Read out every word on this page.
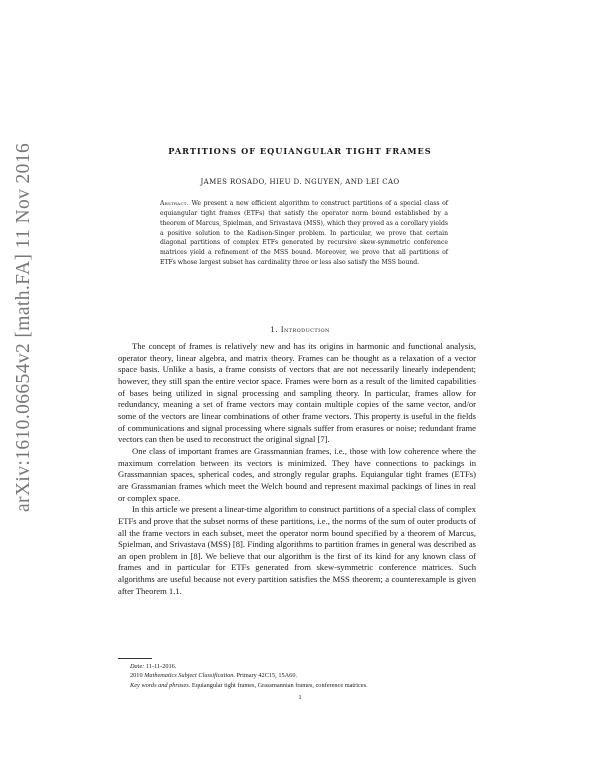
arXiv:1610.06654v2 [math.FA] 11 Nov 2016	PARTITIONS OF EQUIANGULAR TIGHT FRAMES
JAMES ROSADO, HIEU D. NGUYEN, AND LEI CAO
Abstract. We present a new efficient algorithm to construct partitions of a special class of equiangular tight frames (ETFs) that satisfy the operator norm bound established by a theorem of Marcus, Spielman, and Srivastava (MSS), which they proved as a corollary yields a positive solution to the Kadison-Singer problem. In particular, we prove that certain diagonal partitions of complex ETFs generated by recursive skew-symmetric conference matrices yield a refinement of the MSS bound. Moreover, we prove that all partitions of ETFs whose largest subset has cardinality three or less also satisfy the MSS bound.
1. Introduction

The concept of frames is relatively new and has its origins in harmonic and functional analysis, operator theory, linear algebra, and matrix theory. Frames can be thought as a relaxation of a vector space basis. Unlike a basis, a frame consists of vectors that are not necessarily linearly independent; however, they still span the entire vector space. Frames were born as a result of the limited capabilities of bases being utilized in signal processing and sampling theory. In particular, frames allow for redundancy, meaning a set of frame vectors may contain multiple copies of the same vector, and/or some of the vectors are linear combinations of other frame vectors. This property is useful in the fields of communications and signal processing where signals suffer from erasures or noise; redundant frame vectors can then be used to reconstruct the original signal [7].

One class of important frames are Grassmannian frames, i.e., those with low coherence where the maximum correlation between its vectors is minimized. They have connections to packings in Grassmannian spaces, spherical codes, and strongly regular graphs. Equiangular tight frames (ETFs) are Grassmanian frames which meet the Welch bound and represent maximal packings of lines in real or complex space.

In this article we present a linear-time algorithm to construct partitions of a special class of complex ETFs and prove that the subset norms of these partitions, i.e., the norms of the sum of outer products of all the frame vectors in each subset, meet the operator norm bound specified by a theorem of Marcus, Spielman, and Srivastava (MSS) [8]. Finding algorithms to partition frames in general was described as an open problem in [8]. We believe that our algorithm is the first of its kind for any known class of frames and in particular for ETFs generated from skew-symmetric conference matrices. Such algorithms are useful because not every partition satisfies the MSS theorem; a counterexample is given after Theorem 1.1.

Date: 11-11-2016.
2010 Mathematics Subject Classification. Primary 42C15, 15A60.
Key words and phrases. Equiangular tight frames, Grassmannian frames, conference matrices.
1
